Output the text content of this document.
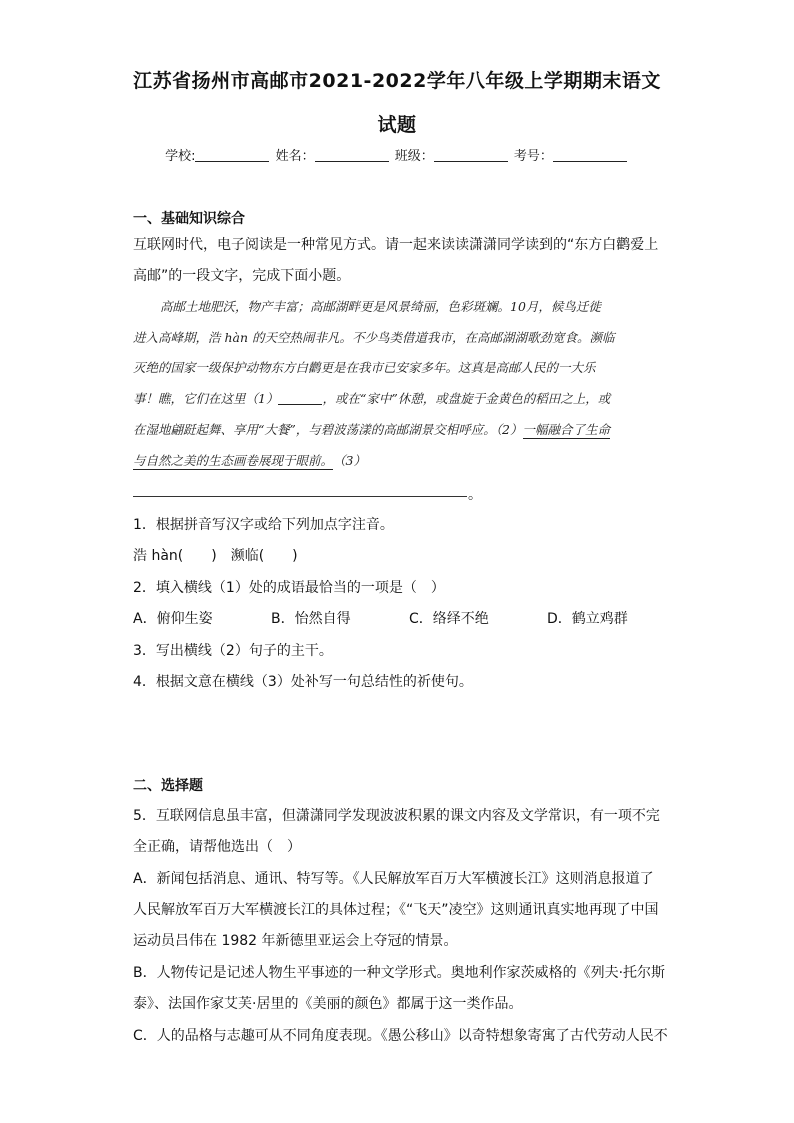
江苏省扬州市高邮市2021-2022学年八年级上学期期末语文
试题
学校:	姓名：	班级：	考号：
一、基础知识综合
互联网时代，电子阅读是一种常见方式。请一起来读读潇潇同学读到的“东方白鹳爱上
高邮”的一段文字，完成下面小题。
高邮土地肥沃，物产丰富；高邮湖畔更是风景绮丽，色彩斑斓。10月，候鸟迁徙
进入高峰期，浩 hàn 的天空热闹非凡。不少鸟类借道我市，在高邮湖湖歌劲宽食。濒临
灭绝的国家一级保护动物东方白鹳更是在我市已安家多年。这真是高邮人民的一大乐
事！瞧，它们在这里（1）	，或在“家中”休憩，或盘旋于金黄色的稻田之上，或
在湿地翩跹起舞、享用“大餐”，与碧波荡漾的高邮湖景交相呼应。（2）一幅融合了生命
与自然之美的生态画卷展现于眼前。（3）
。
1．根据拼音写汉字或给下列加点字注音。
浩 hàn(　　)　濒临(　　)
2．填入横线（1）处的成语最恰当的一项是（　）
A．俯仰生姿	B．怡然自得	C．络绎不绝	D．鹤立鸡群
3．写出横线（2）句子的主干。
4．根据文意在横线（3）处补写一句总结性的祈使句。
二、选择题
5．互联网信息虽丰富，但潇潇同学发现波波积累的课文内容及文学常识，有一项不完
全正确，请帮他选出（　）
A．新闻包括消息、通讯、特写等。《人民解放军百万大军横渡长江》这则消息报道了
人民解放军百万大军横渡长江的具体过程；《“飞天”凌空》这则通讯真实地再现了中国
运动员吕伟在 1982 年新德里亚运会上夺冠的情景。
B．人物传记是记述人物生平事迹的一种文学形式。奥地利作家茨威格的《列夫·托尔斯
泰》、法国作家艾芙·居里的《美丽的颜色》都属于这一类作品。
C．人的品格与志趣可从不同角度表现。《愚公移山》以奇特想象寄寓了古代劳动人民不
